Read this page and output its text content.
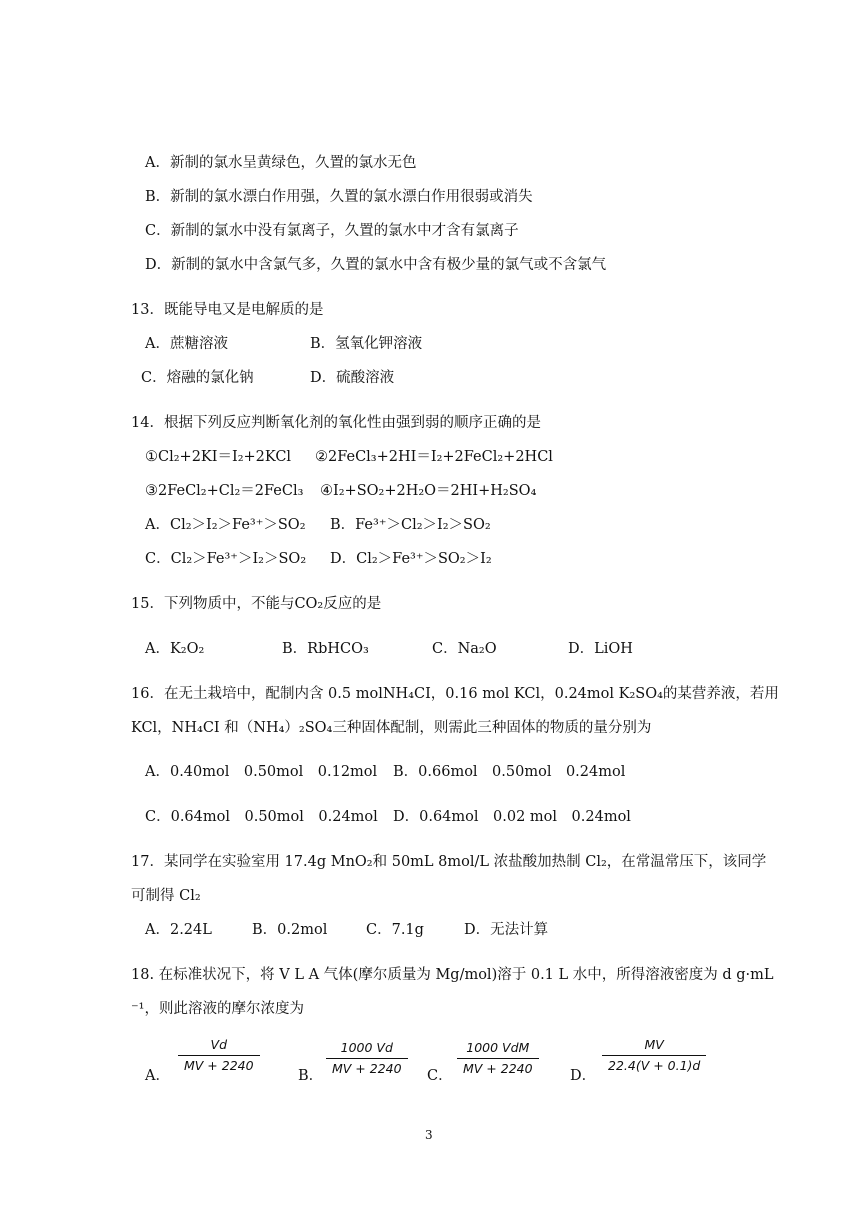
A．新制的氯水呈黄绿色，久置的氯水无色
B．新制的氯水漂白作用强，久置的氯水漂白作用很弱或消失
C．新制的氯水中没有氯离子，久置的氯水中才含有氯离子
D．新制的氯水中含氯气多，久置的氯水中含有极少量的氯气或不含氯气
13．既能导电又是电解质的是
A．蔗糖溶液	B．氢氧化钾溶液
C．熔融的氯化钠	D．硫酸溶液
14．根据下列反应判断氧化剂的氧化性由强到弱的顺序正确的是
①Cl₂+2KI＝I₂+2KCl ②2FeCl₃+2HI＝I₂+2FeCl₂+2HCl
③2FeCl₂+Cl₂＝2FeCl₃ ④I₂+SO₂+2H₂O＝2HI+H₂SO₄
A．Cl₂＞I₂＞Fe³⁺＞SO₂ B．Fe³⁺＞Cl₂＞I₂＞SO₂
C．Cl₂＞Fe³⁺＞I₂＞SO₂ D．Cl₂＞Fe³⁺＞SO₂＞I₂
15．下列物质中，不能与CO₂反应的是
A．K₂O₂	B．RbHCO₃	C．Na₂O	D．LiOH
16．在无土栽培中，配制内含 0.5 molNH₄CI，0.16 mol KCl，0.24mol K₂SO₄的某营养液，若用
KCl，NH₄CI 和（NH₄）₂SO₄三种固体配制，则需此三种固体的物质的量分别为
A．0.40mol　0.50mol　0.12mol B．0.66mol　0.50mol　0.24mol
C．0.64mol　0.50mol　0.24mol D．0.64mol　0.02 mol　0.24mol
17．某同学在实验室用 17.4g MnO₂和 50mL 8mol/L 浓盐酸加热制 Cl₂，在常温常压下，该同学
可制得 Cl₂
A．2.24L	B．0.2mol	C．7.1g	D．无法计算
18. 在标准状况下，将 V L A 气体(摩尔质量为 Mg/mol)溶于 0.1 L 水中，所得溶液密度为 d g·mL
⁻¹，则此溶液的摩尔浓度为
A．
$\frac{Vd}{MV + 2240}$
B． $\frac{1000 Vd}{MV + 2240}$ C．
1000 VdM
MV + 2240	D．
$\frac{MV}{22.4(V + 0.1)d}$
3
